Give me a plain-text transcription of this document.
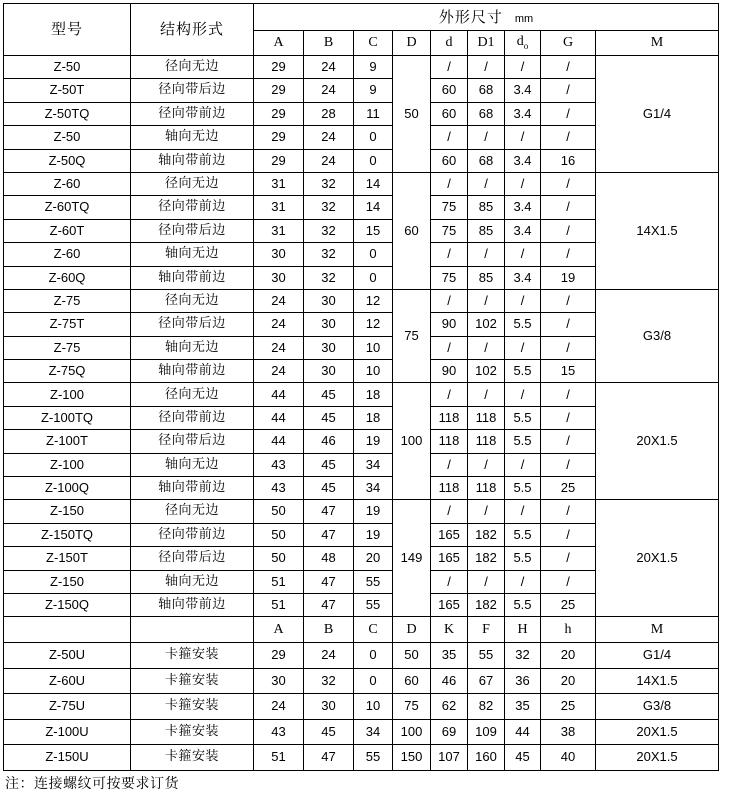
型号	结构形式	外形尺寸 mm								
		A	B	C	D	d	D1	$d_o$	G	M
Z-50	径向无边	29	24	9	50	/	/	/	/	G1/4
Z-50T	径向带后边	29	24	9		60	68	3.4	/	
Z-50TQ	径向带前边	29	28	11		60	68	3.4	/	
Z-50	轴向无边	29	24	0		/	/	/	/	
Z-50Q	轴向带前边	29	24	0		60	68	3.4	16	
Z-60	径向无边	31	32	14	60	/	/	/	/	14X1.5
Z-60TQ	径向带前边	31	32	14		75	85	3.4	/	
Z-60T	径向带后边	31	32	15		75	85	3.4	/	
Z-60	轴向无边	30	32	0		/	/	/	/	
Z-60Q	轴向带前边	30	32	0		75	85	3.4	19	
Z-75	径向无边	24	30	12	75	/	/	/	/	G3/8
Z-75T	径向带后边	24	30	12		90	102	5.5	/	
Z-75	轴向无边	24	30	10		/	/	/	/	
Z-75Q	轴向带前边	24	30	10		90	102	5.5	15	
Z-100	径向无边	44	45	18	100	/	/	/	/	20X1.5
Z-100TQ	径向带前边	44	45	18		118	118	5.5	/	
Z-100T	径向带后边	44	46	19		118	118	5.5	/	
Z-100	轴向无边	43	45	34		/	/	/	/	
Z-100Q	轴向带前边	43	45	34		118	118	5.5	25	
Z-150	径向无边	50	47	19	149	/	/	/	/	20X1.5
Z-150TQ	径向带前边	50	47	19		165	182	5.5	/	
Z-150T	径向带后边	50	48	20		165	182	5.5	/	
Z-150	轴向无边	51	47	55		/	/	/	/	
Z-150Q	轴向带前边	51	47	55		165	182	5.5	25	
		A	B	C	D	K	F	H	h	M
Z-50U	卡箍安装	29	24	0	50	35	55	32	20	G1/4
Z-60U	卡箍安装	30	32	0	60	46	67	36	20	14X1.5
Z-75U	卡箍安装	24	30	10	75	62	82	35	25	G3/8
Z-100U	卡箍安装	43	45	34	100	69	109	44	38	20X1.5
Z-150U	卡箍安装	51	47	55	150	107	160	45	40	20X1.5

注：连接螺纹可按要求订货
